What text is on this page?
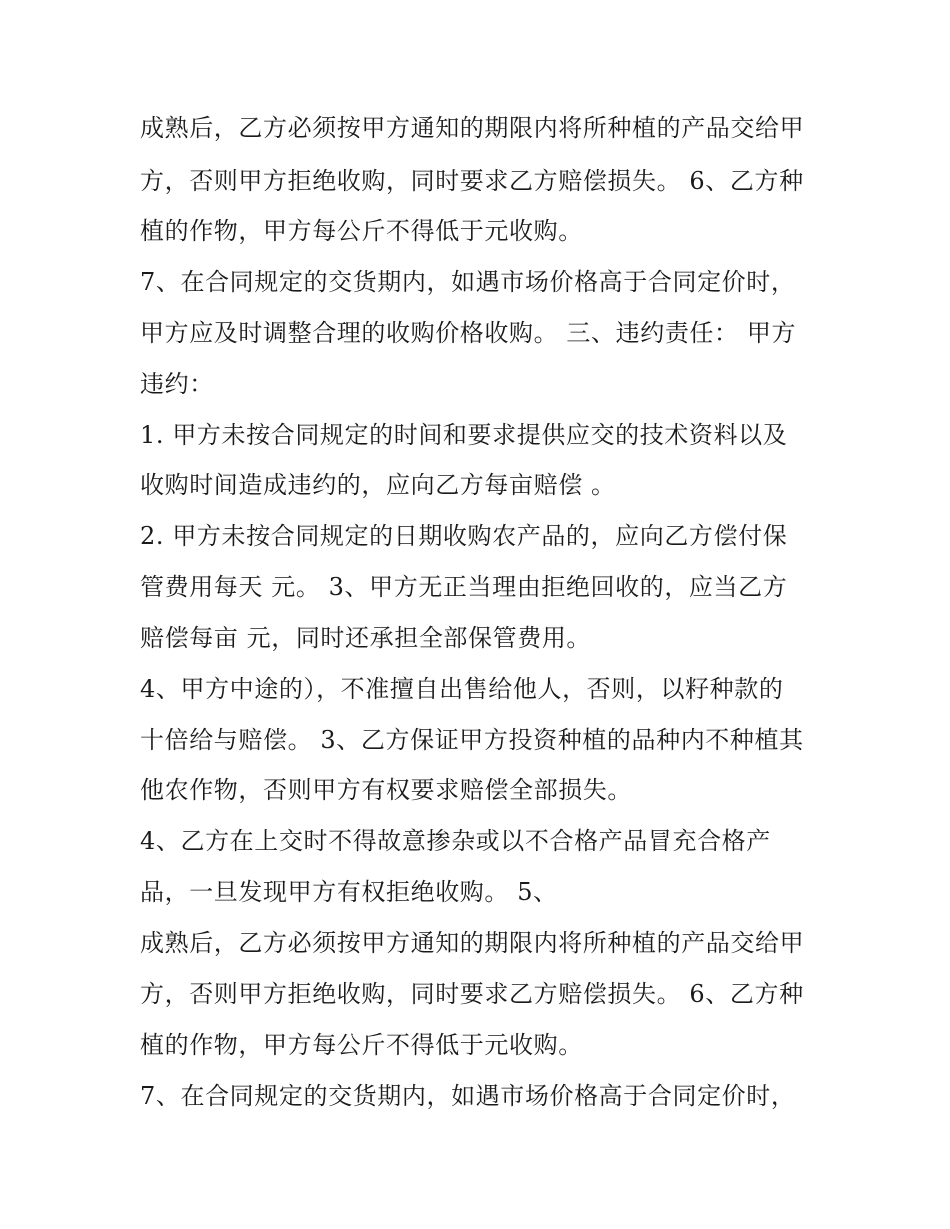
成熟后，乙方必须按甲方通知的期限内将所种植的产品交给甲
方，否则甲方拒绝收购，同时要求乙方赔偿损失。 6、乙方种
植的作物，甲方每公斤不得低于元收购。
7、在合同规定的交货期内，如遇市场价格高于合同定价时，
甲方应及时调整合理的收购价格收购。 三、违约责任： 甲方
违约：
1. 甲方未按合同规定的时间和要求提供应交的技术资料以及
收购时间造成违约的，应向乙方每亩赔偿 。
2. 甲方未按合同规定的日期收购农产品的，应向乙方偿付保
管费用每天 元。 3、甲方无正当理由拒绝回收的，应当乙方
赔偿每亩 元，同时还承担全部保管费用。
4、甲方中途的），不准擅自出售给他人，否则，以籽种款的
十倍给与赔偿。 3、乙方保证甲方投资种植的品种内不种植其
他农作物，否则甲方有权要求赔偿全部损失。
4、乙方在上交时不得故意掺杂或以不合格产品冒充合格产
品，一旦发现甲方有权拒绝收购。 5、
成熟后，乙方必须按甲方通知的期限内将所种植的产品交给甲
方，否则甲方拒绝收购，同时要求乙方赔偿损失。 6、乙方种
植的作物，甲方每公斤不得低于元收购。
7、在合同规定的交货期内，如遇市场价格高于合同定价时，
